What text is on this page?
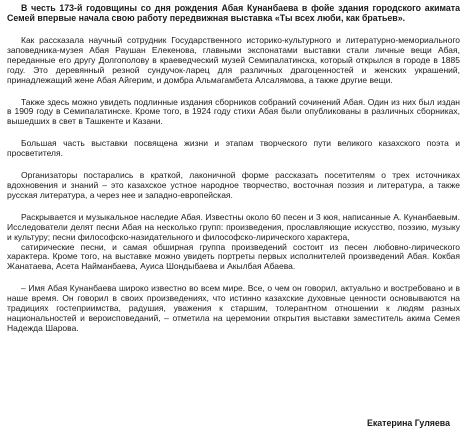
В честь 173-й годовщины со дня рождения Абая Кунанбаева в фойе здания городского акимата Семей впервые начала свою работу передвижная выставка «Ты всех люби, как братьев».

Как рассказала научный сотрудник Государственного историко-культурного и литературно-мемориального заповедника-музея Абая Раушан Елекенова, главными экспонатами выставки стали личные вещи Абая, переданные его другу Долгополову в краеведческий музей Семипалатинска, который открылся в городе в 1885 году. Это деревянный резной сундучок-ларец для различных драгоценностей и женских украшений, принадлежащий жене Абая Айгерим, и домбра Альмагамбета Алсалямова, а также другие вещи.

Также здесь можно увидеть подлинные издания сборников собраний сочинений Абая. Один из них был издан в 1909 году в Семипалатинске. Кроме того, в 1924 году стихи Абая были опубликованы в различных сборниках, вышедших в свет в Ташкенте и Казани.

Большая часть выставки посвящена жизни и этапам творческого пути великого казахского поэта и просветителя.

Организаторы постарались в краткой, лаконичной форме рассказать посетителям о трех источниках вдохновения и знаний – это казахское устное народное творчество, восточная поэзия и литература, а также русская литература, а через нее и западно-европейская.

Раскрывается и музыкальное наследие Абая. Известны около 60 песен и 3 кюя, написанные А. Кунанбаевым. Исследователи делят песни Абая на несколько групп: произведения, прославляющие искусство, поэзию, музыку и культуру; песни философско-назидательного и философско-лирического характера,

сатирические песни, и самая обширная группа произведений состоит из песен любовно-лирического характера. Кроме того, на выставке можно увидеть портреты первых исполнителей произведений Абая. Кокбая Жанатаева, Асета Найманбаева, Ауиса Шондыбаева и Акылбая Абаева.

– Имя Абая Кунанбаева широко известно во всем мире. Все, о чем он говорил, актуально и востребовано и в наше время. Он говорил в своих произведениях, что истинно казахские духовные ценности основываются на традициях гостеприимства, радушия, уважения к старшим, толерантном отношении к людям разных национальностей и вероисповеданий, – отметила на церемонии открытия выставки заместитель акима Семея Надежда Шарова.

Екатерина Гуляева
